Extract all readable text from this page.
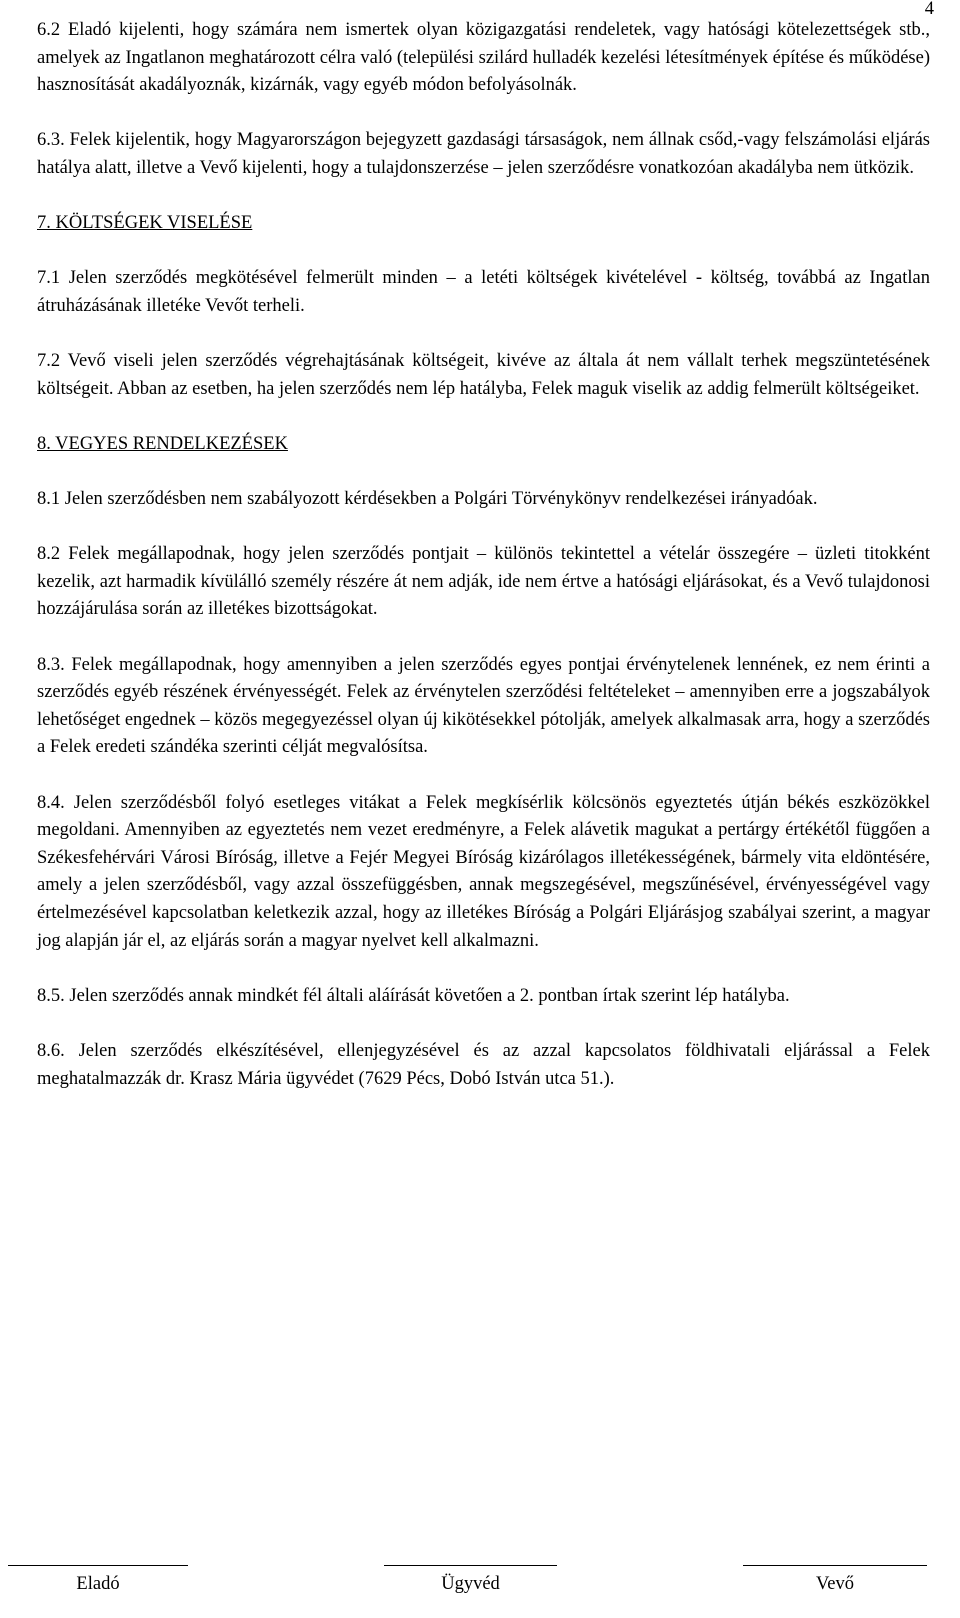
4

6.2 Eladó kijelenti, hogy számára nem ismertek olyan közigazgatási rendeletek, vagy hatósági kötelezettségek stb., amelyek az Ingatlanon meghatározott célra való (települési szilárd hulladék kezelési létesítmények építése és működése) hasznosítását akadályoznák, kizárnák, vagy egyéb módon befolyásolnák.

6.3. Felek kijelentik, hogy Magyarországon bejegyzett gazdasági társaságok, nem állnak csőd,-vagy felszámolási eljárás hatálya alatt, illetve a Vevő kijelenti, hogy a tulajdonszerzése – jelen szerződésre vonatkozóan akadályba nem ütközik.

7. KÖLTSÉGEK VISELÉSE

7.1 Jelen szerződés megkötésével felmerült minden – a letéti költségek kivételével - költség, továbbá az Ingatlan átruházásának illetéke Vevőt terheli.

7.2 Vevő viseli jelen szerződés végrehajtásának költségeit, kivéve az általa át nem vállalt terhek megszüntetésének költségeit. Abban az esetben, ha jelen szerződés nem lép hatályba, Felek maguk viselik az addig felmerült költségeiket.

8. VEGYES RENDELKEZÉSEK

8.1 Jelen szerződésben nem szabályozott kérdésekben a Polgári Törvénykönyv rendelkezései irányadóak.

8.2 Felek megállapodnak, hogy jelen szerződés pontjait – különös tekintettel a vételár összegére – üzleti titokként kezelik, azt harmadik kívülálló személy részére át nem adják, ide nem értve a hatósági eljárásokat, és a Vevő tulajdonosi hozzájárulása során az illetékes bizottságokat.

8.3. Felek megállapodnak, hogy amennyiben a jelen szerződés egyes pontjai érvénytelenek lennének, ez nem érinti a szerződés egyéb részének érvényességét. Felek az érvénytelen szerződési feltételeket – amennyiben erre a jogszabályok lehetőséget engednek – közös megegyezéssel olyan új kikötésekkel pótolják, amelyek alkalmasak arra, hogy a szerződés a Felek eredeti szándéka szerinti célját megvalósítsa.

8.4. Jelen szerződésből folyó esetleges vitákat a Felek megkísérlik kölcsönös egyeztetés útján békés eszközökkel megoldani. Amennyiben az egyeztetés nem vezet eredményre, a Felek alávetik magukat a pertárgy értékétől függően a Székesfehérvári Városi Bíróság, illetve a Fejér Megyei Bíróság kizárólagos illetékességének, bármely vita eldöntésére, amely a jelen szerződésből, vagy azzal összefüggésben, annak megszegésével, megszűnésével, érvényességével vagy értelmezésével kapcsolatban keletkezik azzal, hogy az illetékes Bíróság a Polgári Eljárásjog szabályai szerint, a magyar jog alapján jár el, az eljárás során a magyar nyelvet kell alkalmazni.

8.5. Jelen szerződés annak mindkét fél általi aláírását követően a 2. pontban írtak szerint lép hatályba.

8.6. Jelen szerződés elkészítésével, ellenjegyzésével és az azzal kapcsolatos földhivatali eljárással a Felek meghatalmazzák dr. Krasz Mária ügyvédet (7629 Pécs, Dobó István utca 51.).

Eladó	Ügyvéd	Vevő
